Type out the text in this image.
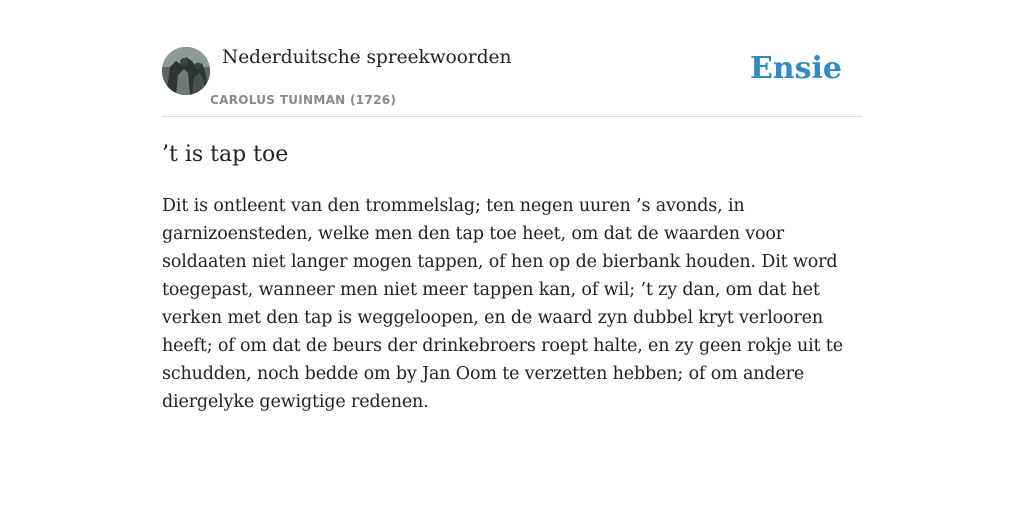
Nederduitsche spreekwoorden
CAROLUS TUINMAN (1726)
Ensie
’t is tap toe

Dit is ontleent van den trommelslag; ten negen uuren ’s avonds, in garnizoensteden, welke men den tap toe heet, om dat de waarden voor soldaaten niet langer mogen tappen, of hen op de bierbank houden. Dit word toegepast, wanneer men niet meer tappen kan, of wil; ’t zy dan, om dat het verken met den tap is weggeloopen, en de waard zyn dubbel kryt verlooren heeft; of om dat de beurs der drinkebroers roept halte, en zy geen rokje uit te schudden, noch bedde om by Jan Oom te verzetten hebben; of om andere diergelyke gewigtige redenen.
